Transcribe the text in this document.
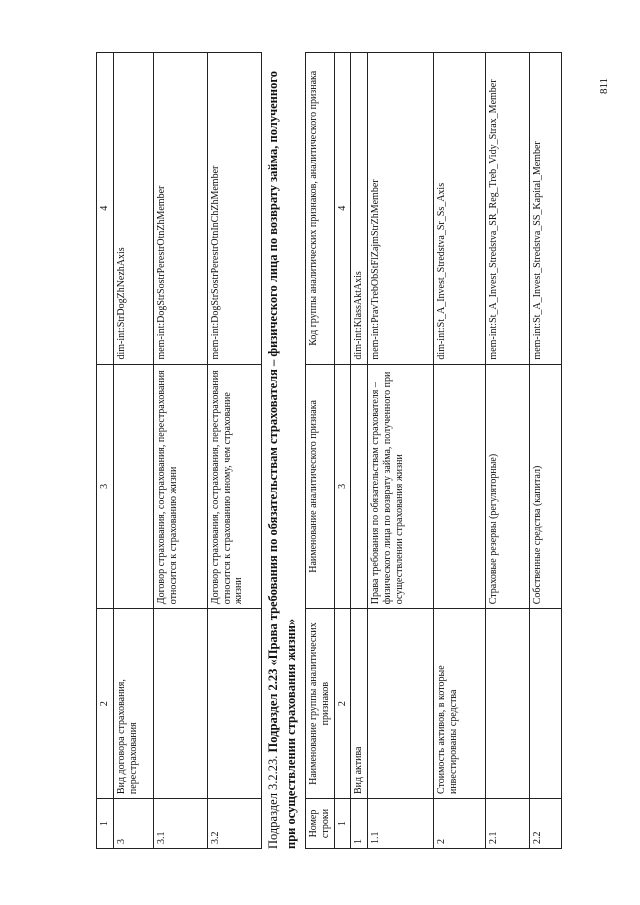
811
1	2	3	4
3	Вид договора страхования, перестрахования		dim-int:StrDogZhNezhAxis
3.1		Договор страхования, сострахования, перестрахования относится к страхованию жизни	mem-int:DogStrSostrPerestrOtnZhMember
3.2		Договор страхования, сострахования, перестрахования относится к страхованию иному, чем страхование жизни	mem-int:DogStrSostrPerestrOtnInChZhMember
Подраздел 3.2.23. Подраздел 2.23 «Права требования по обязательствам страхователя – физического лица по возврату займа, полученного при осуществлении страхования жизни» Номер строки	Наименование группы аналитических признаков	Наименование аналитического признака	Код группы аналитических признаков, аналитического признака
1	2	3	4
1	Вид актива		dim-int:KlassAktAxis
1.1		Права требования по обязательствам страхователя – физического лица по возврату займа, полученного при осуществлении страхования жизни	mem-int:PravTrebObStFlZajmStrZhMember
2	Стоимость активов, в которые инвестированы средства		dim-int:St_A_Invest_Stredstva_Sr_Ss_Axis
2.1		Страховые резервы (регуляторные)	mem-int:St_A_Invest_Stredstva_SR_Reg_Treb_Vidy_Strax_Member
2.2		Собственные средства (капитал)	mem-int:St_A_Invest_Stredstva_SS_Kapital_Member
